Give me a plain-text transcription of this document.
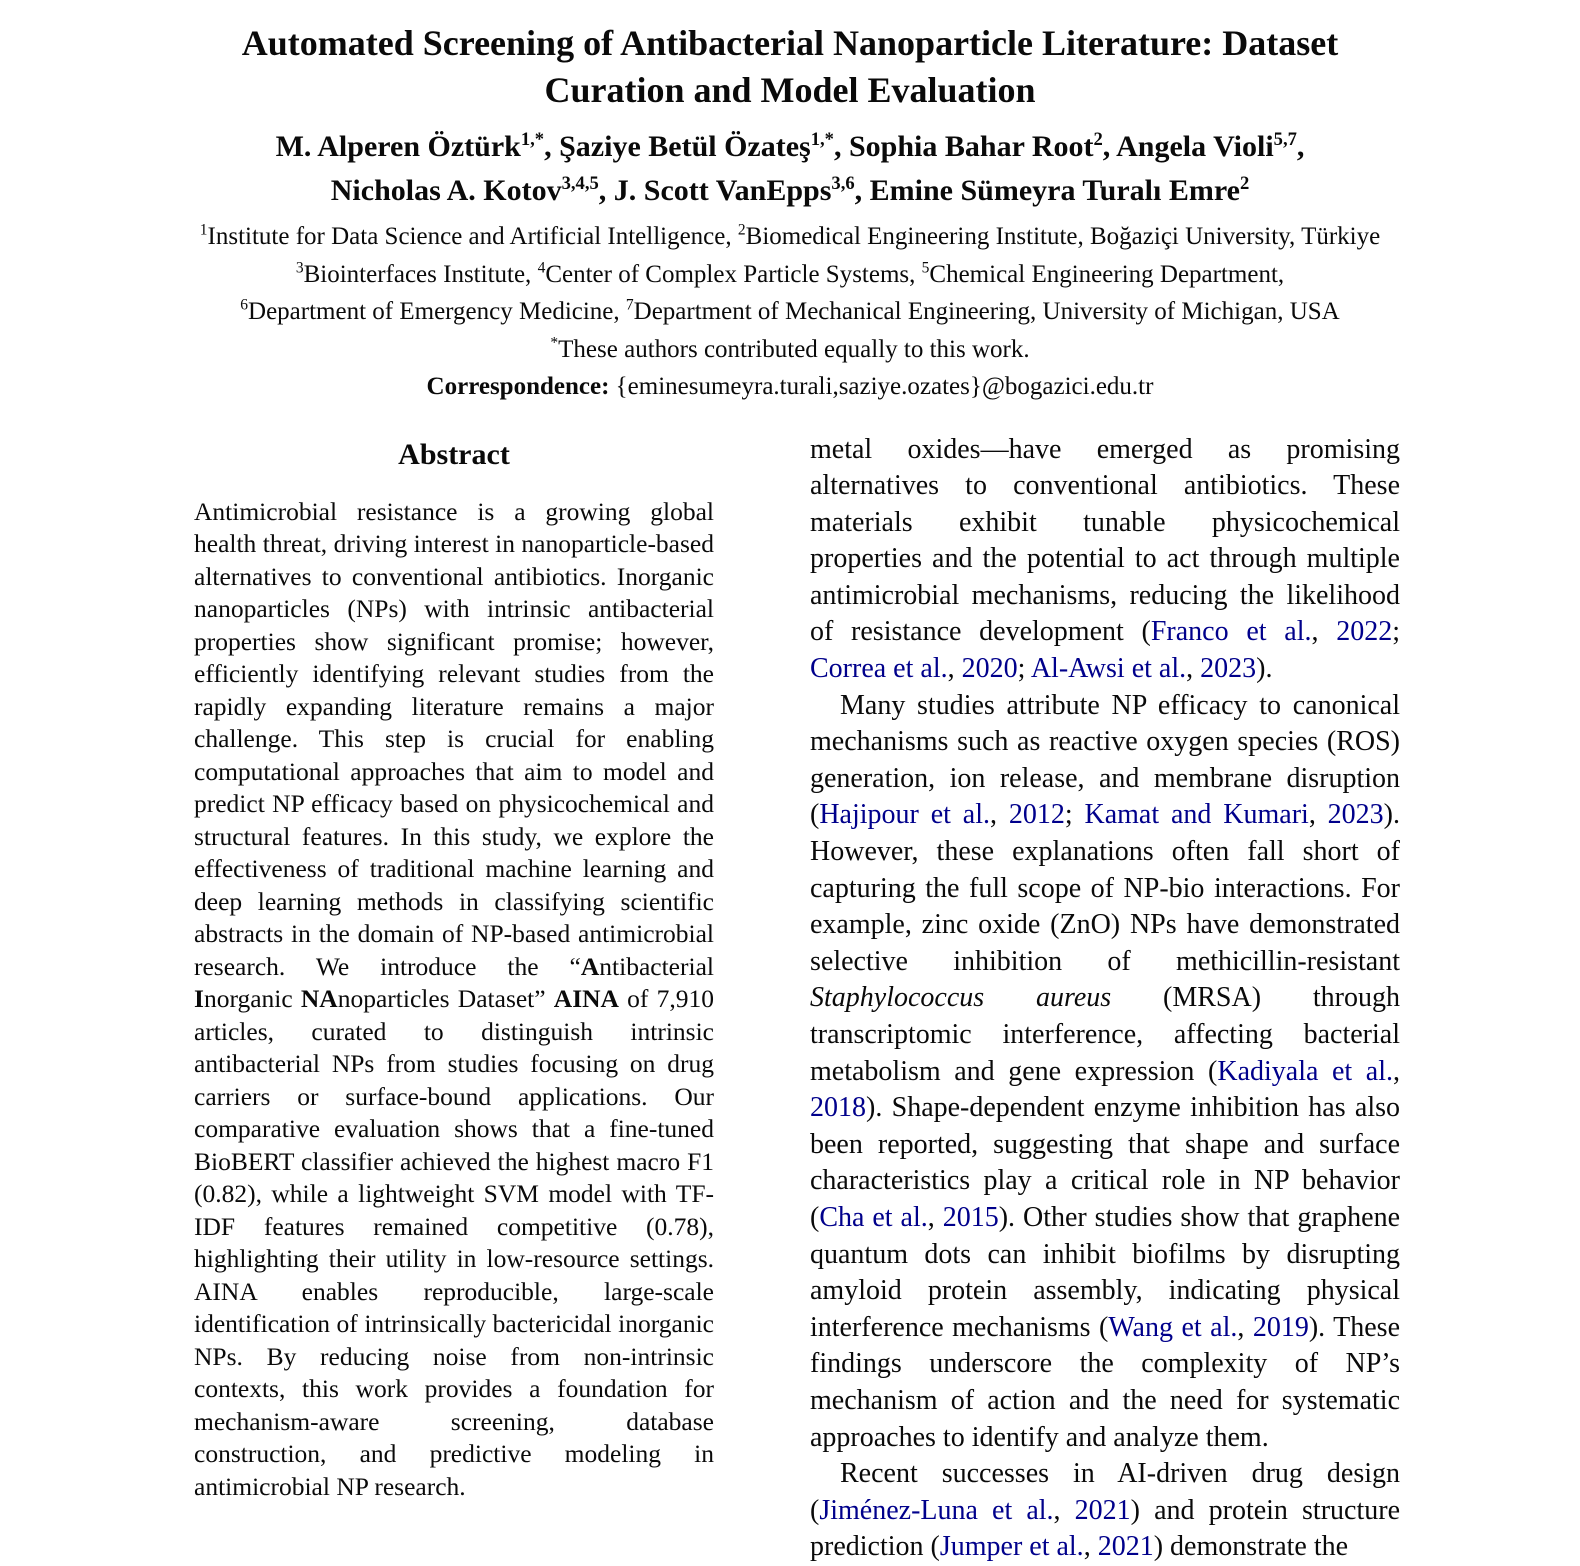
Automated Screening of Antibacterial Nanoparticle Literature: Dataset
Curation and Model Evaluation

M. Alperen Öztürk$^{1,*}$, Şaziye Betül Özateş$^{1,*}$, Sophia Bahar Root$^2$, Angela Violi$^{5,7}$,

Nicholas A. Kotov$^{3,4,5}$, J. Scott VanEpps$^{3,6}$, Emine Sümeyra Turalı Emre$^2$

$^1$Institute for Data Science and Artificial Intelligence, $^2$Biomedical Engineering Institute, Boğaziçi University, Türkiye

$^3$Biointerfaces Institute, $^4$Center of Complex Particle Systems, $^5$Chemical Engineering Department,

$^6$Department of Emergency Medicine, $^7$Department of Mechanical Engineering, University of Michigan, USA

*These authors contributed equally to this work.

Correspondence: {eminesumeyra.turali,saziye.ozates}@bogazici.edu.tr

Abstract

Antimicrobial resistance is a growing global health threat, driving interest in nanoparticle-based alternatives to conventional antibiotics. Inorganic nanoparticles (NPs) with intrinsic antibacterial properties show significant promise; however, efficiently identifying relevant studies from the rapidly expanding literature remains a major challenge. This step is crucial for enabling computational approaches that aim to model and predict NP efficacy based on physicochemical and structural features. In this study, we explore the effectiveness of traditional machine learning and deep learning methods in classifying scientific abstracts in the domain of NP-based antimicrobial research. We introduce the “Antibacterial Inorganic NAnoparticles Dataset” AINA of 7,910 articles, curated to distinguish intrinsic antibacterial NPs from studies focusing on drug carriers or surface-bound applications. Our comparative evaluation shows that a fine-tuned BioBERT classifier achieved the highest macro F1 (0.82), while a lightweight SVM model with TF-IDF features remained competitive (0.78), highlighting their utility in low-resource settings. AINA enables reproducible, large-scale identification of intrinsically bactericidal inorganic NPs. By reducing noise from non-intrinsic contexts, this work provides a foundation for mechanism-aware screening, database construction, and predictive modeling in antimicrobial NP research.

metal oxides—have emerged as promising alternatives to conventional antibiotics. These materials exhibit tunable physicochemical properties and the potential to act through multiple antimicrobial mechanisms, reducing the likelihood of resistance development (Franco et al., 2022; Correa et al., 2020; Al-Awsi et al., 2023).

Many studies attribute NP efficacy to canonical mechanisms such as reactive oxygen species (ROS) generation, ion release, and membrane disruption (Hajipour et al., 2012; Kamat and Kumari, 2023). However, these explanations often fall short of capturing the full scope of NP-bio interactions. For example, zinc oxide (ZnO) NPs have demonstrated selective inhibition of methicillin-resistant Staphylococcus aureus (MRSA) through transcriptomic interference, affecting bacterial metabolism and gene expression (Kadiyala et al., 2018). Shape-dependent enzyme inhibition has also been reported, suggesting that shape and surface characteristics play a critical role in NP behavior (Cha et al., 2015). Other studies show that graphene quantum dots can inhibit biofilms by disrupting amyloid protein assembly, indicating physical interference mechanisms (Wang et al., 2019). These findings underscore the complexity of NP’s mechanism of action and the need for systematic approaches to identify and analyze them.

Recent successes in AI-driven drug design (Jiménez-Luna et al., 2021) and protein structure prediction (Jumper et al., 2021) demonstrate the
